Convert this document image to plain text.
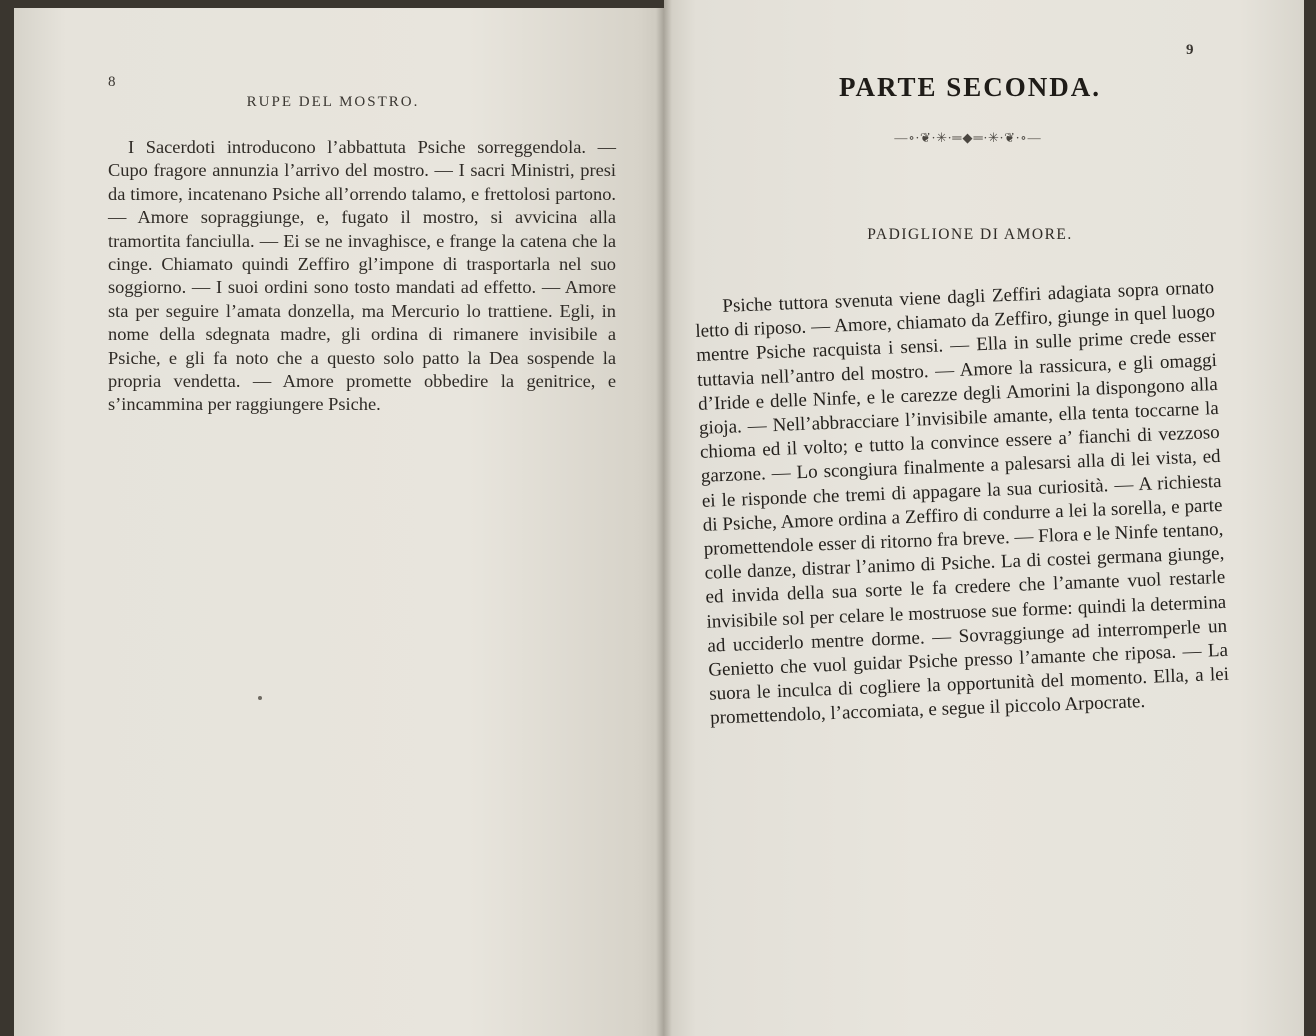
8
RUPE DEL MOSTRO.
I Sacerdoti introducono l’abbattuta Psiche sorreggendola. — Cupo fragore annunzia l’arrivo del mostro. — I sacri Ministri, presi da timore, incatenano Psiche all’orrendo talamo, e frettolosi partono. — Amore sopraggiunge, e, fugato il mostro, si avvicina alla tramortita fanciulla. — Ei se ne invaghisce, e frange la catena che la cinge. Chiamato quindi Zeffiro gl’impone di trasportarla nel suo soggiorno. — I suoi ordini sono tosto mandati ad effetto. — Amore sta per seguire l’amata donzella, ma Mercurio lo trattiene. Egli, in nome della sdegnata madre, gli ordina di rimanere invisibile a Psiche, e gli fa noto che a questo solo patto la Dea sospende la propria vendetta. — Amore promette obbedire la genitrice, e s’incammina per raggiungere Psiche.
9
PARTE SECONDA.
—∘∙❦∙✳∙═◆═∙✳∙❦∙∘—
PADIGLIONE DI AMORE.
Psiche tuttora svenuta viene dagli Zeffiri adagiata sopra ornato letto di riposo. — Amore, chiamato da Zeffiro, giunge in quel luogo mentre Psiche racquista i sensi. — Ella in sulle prime crede esser tuttavia nell’antro del mostro. — Amore la rassicura, e gli omaggi d’Iride e delle Ninfe, e le carezze degli Amorini la dispongono alla gioja. — Nell’abbracciare l’invisibile amante, ella tenta toccarne la chioma ed il volto; e tutto la convince essere a’ fianchi di vezzoso garzone. — Lo scongiura finalmente a palesarsi alla di lei vista, ed ei le risponde che tremi di appagare la sua curiosità. — A richiesta di Psiche, Amore ordina a Zeffiro di condurre a lei la sorella, e parte promettendole esser di ritorno fra breve. — Flora e le Ninfe tentano, colle danze, distrar l’animo di Psiche. La di costei germana giunge, ed invida della sua sorte le fa credere che l’amante vuol restarle invisibile sol per celare le mostruose sue forme: quindi la determina ad ucciderlo mentre dorme. — Sovraggiunge ad interromperle un Genietto che vuol guidar Psiche presso l’amante che riposa. — La suora le inculca di cogliere la opportunità del momento. Ella, a lei promettendolo, l’accomiata, e segue il piccolo Arpocrate.
